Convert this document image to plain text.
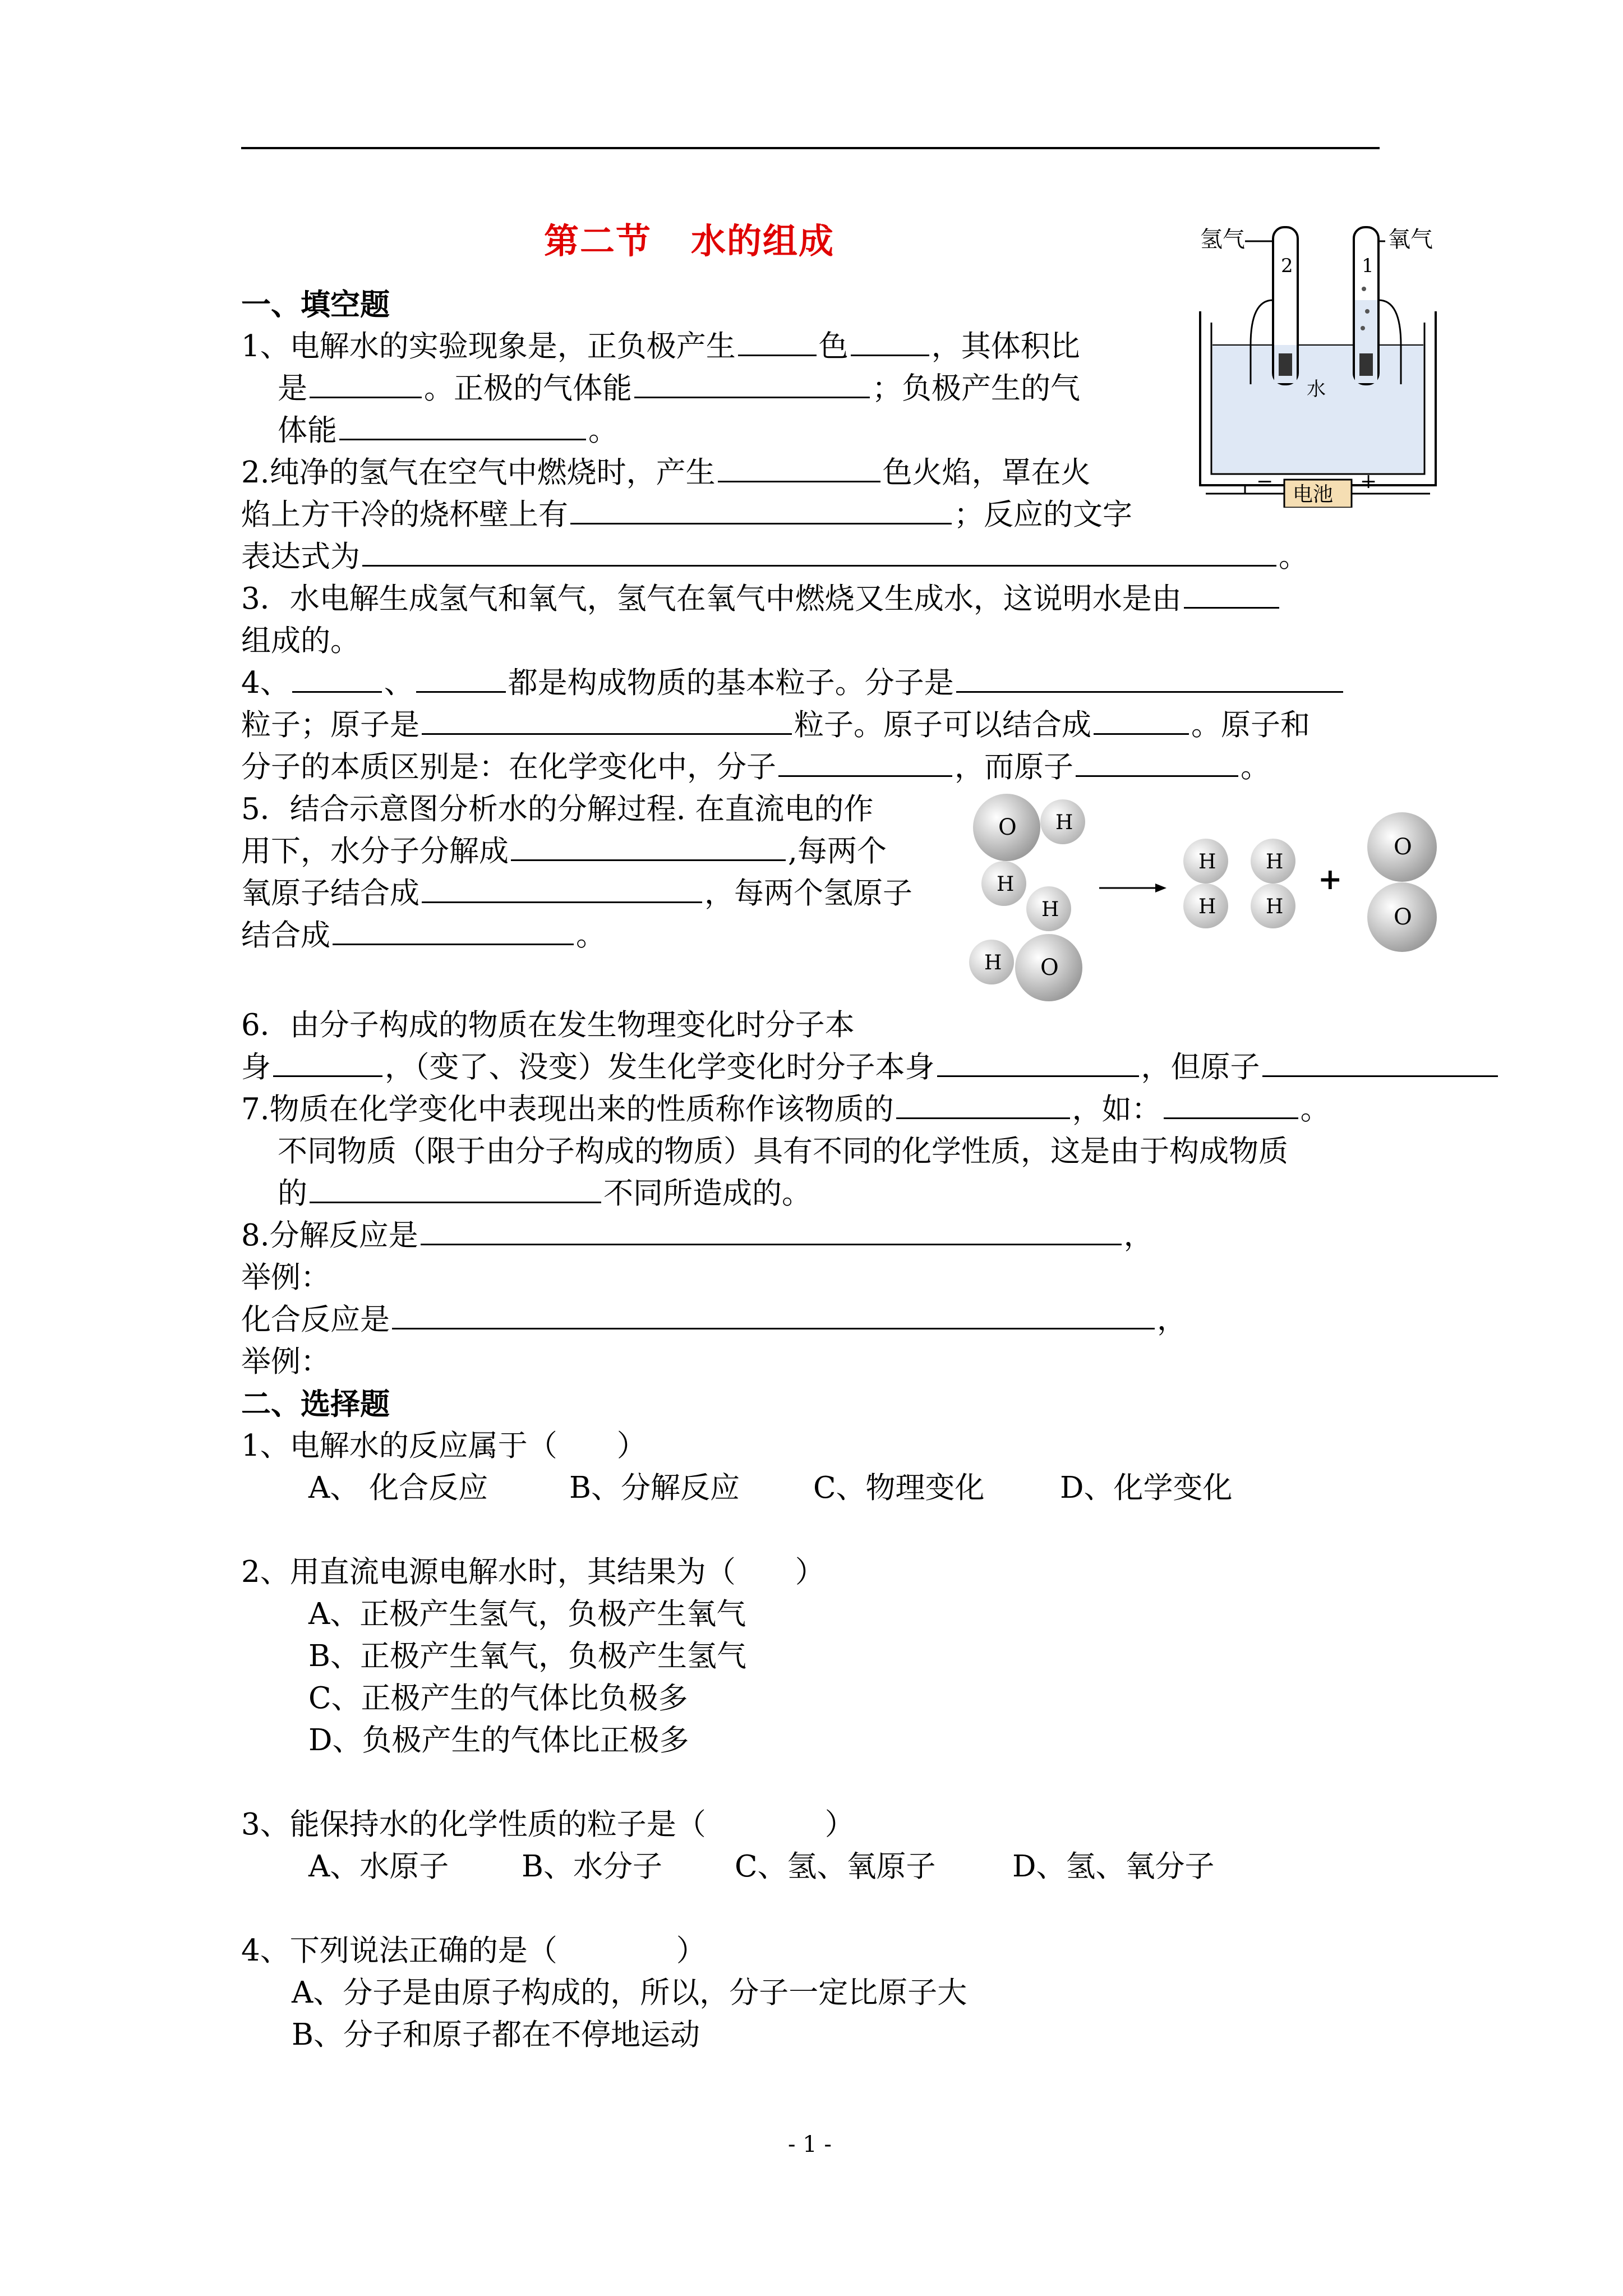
第二节 水的组成	氢气	氧气
2	1
水
电池
−	+
一、填空题
1、电解水的实验现象是，正负极产生	色	，其体积比
是	。正极的气体能	；负极产生的气
体能	。
2.纯净的氢气在空气中燃烧时，产生	色火焰，罩在火
焰上方干冷的烧杯壁上有	；反应的文字
表达式为	。
3．水电解生成氢气和氧气，氢气在氧气中燃烧又生成水，这说明水是由
组成的。
4、	、	都是构成物质的基本粒子。分子是
粒子；原子是	粒子。原子可以结合成	。原子和
分子的本质区别是：在化学变化中，分子	，而原子	。
5．结合示意图分析水的分解过程. 在直流电的作
用下，水分子分解成	,每两个
氧原子结合成	，每两个氢原子
结合成	。
O H
H
H
O
H
H
H
H
H
+
O
O
6．由分子构成的物质在发生物理变化时分子本
身	，（变了、没变）发生化学变化时分子本身	，但原子
7.物质在化学变化中表现出来的性质称作该物质的	，如：	。
不同物质（限于由分子构成的物质）具有不同的化学性质，这是由于构成物质
的	不同所造成的。
8.分解反应是	，
举例：
化合反应是	，
举例：
二、选择题
1、电解水的反应属于（　　）
A、 化合反应	B、分解反应 C、物理变化	D、化学变化
2、用直流电源电解水时，其结果为（　　）
A、正极产生氢气，负极产生氧气
B、正极产生氧气，负极产生氢气
C、正极产生的气体比负极多
D、负极产生的气体比正极多
3、能保持水的化学性质的粒子是（　　　　）
A、水原子 B、水分子 C、氢、氧原子	D、氢、氧分子
4、下列说法正确的是（　　　　）
A、分子是由原子构成的，所以，分子一定比原子大
B、分子和原子都在不停地运动
- 1 -
